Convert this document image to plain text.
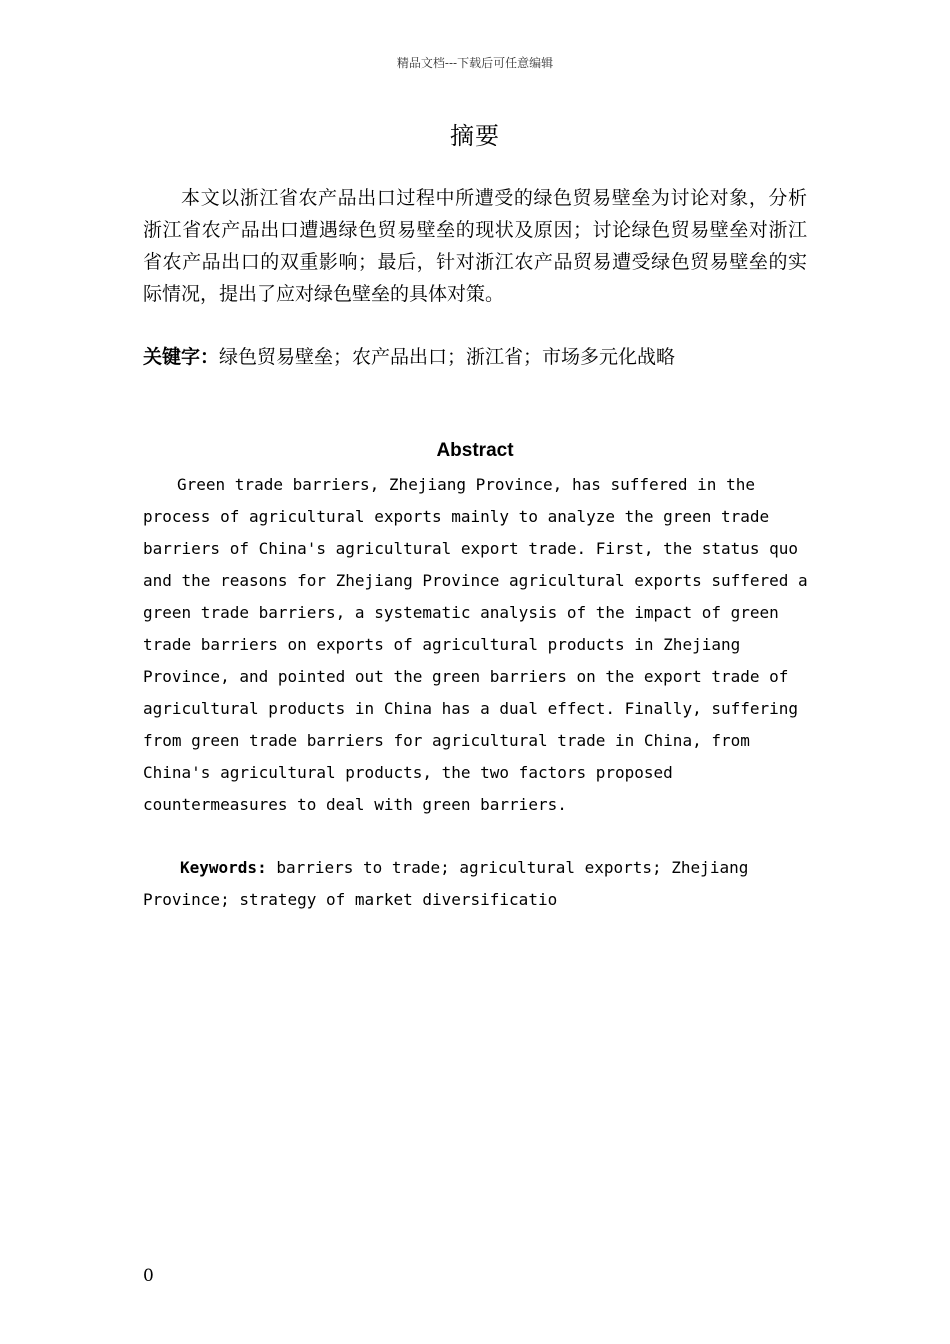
精品文档---下载后可任意编辑
摘要
本文以浙江省农产品出口过程中所遭受的绿色贸易壁垒为讨论对象，分析浙江省农产品出口遭遇绿色贸易壁垒的现状及原因；讨论绿色贸易壁垒对浙江省农产品出口的双重影响；最后，针对浙江农产品贸易遭受绿色贸易壁垒的实际情况，提出了应对绿色壁垒的具体对策。
关键字：绿色贸易壁垒；农产品出口；浙江省；市场多元化战略
Abstract
Green trade barriers, Zhejiang Province, has suffered in the process of agricultural exports mainly to analyze the green trade barriers of China's agricultural export trade. First, the status quo and the reasons for Zhejiang Province agricultural exports suffered a green trade barriers, a systematic analysis of the impact of green trade barriers on exports of agricultural products in Zhejiang Province, and pointed out the green barriers on the export trade of agricultural products in China has a dual effect. Finally, suffering from green trade barriers for agricultural trade in China, from China's agricultural products, the two factors proposed countermeasures to deal with green barriers.
Keywords: barriers to trade; agricultural exports; Zhejiang Province; strategy of market diversificatio
0
